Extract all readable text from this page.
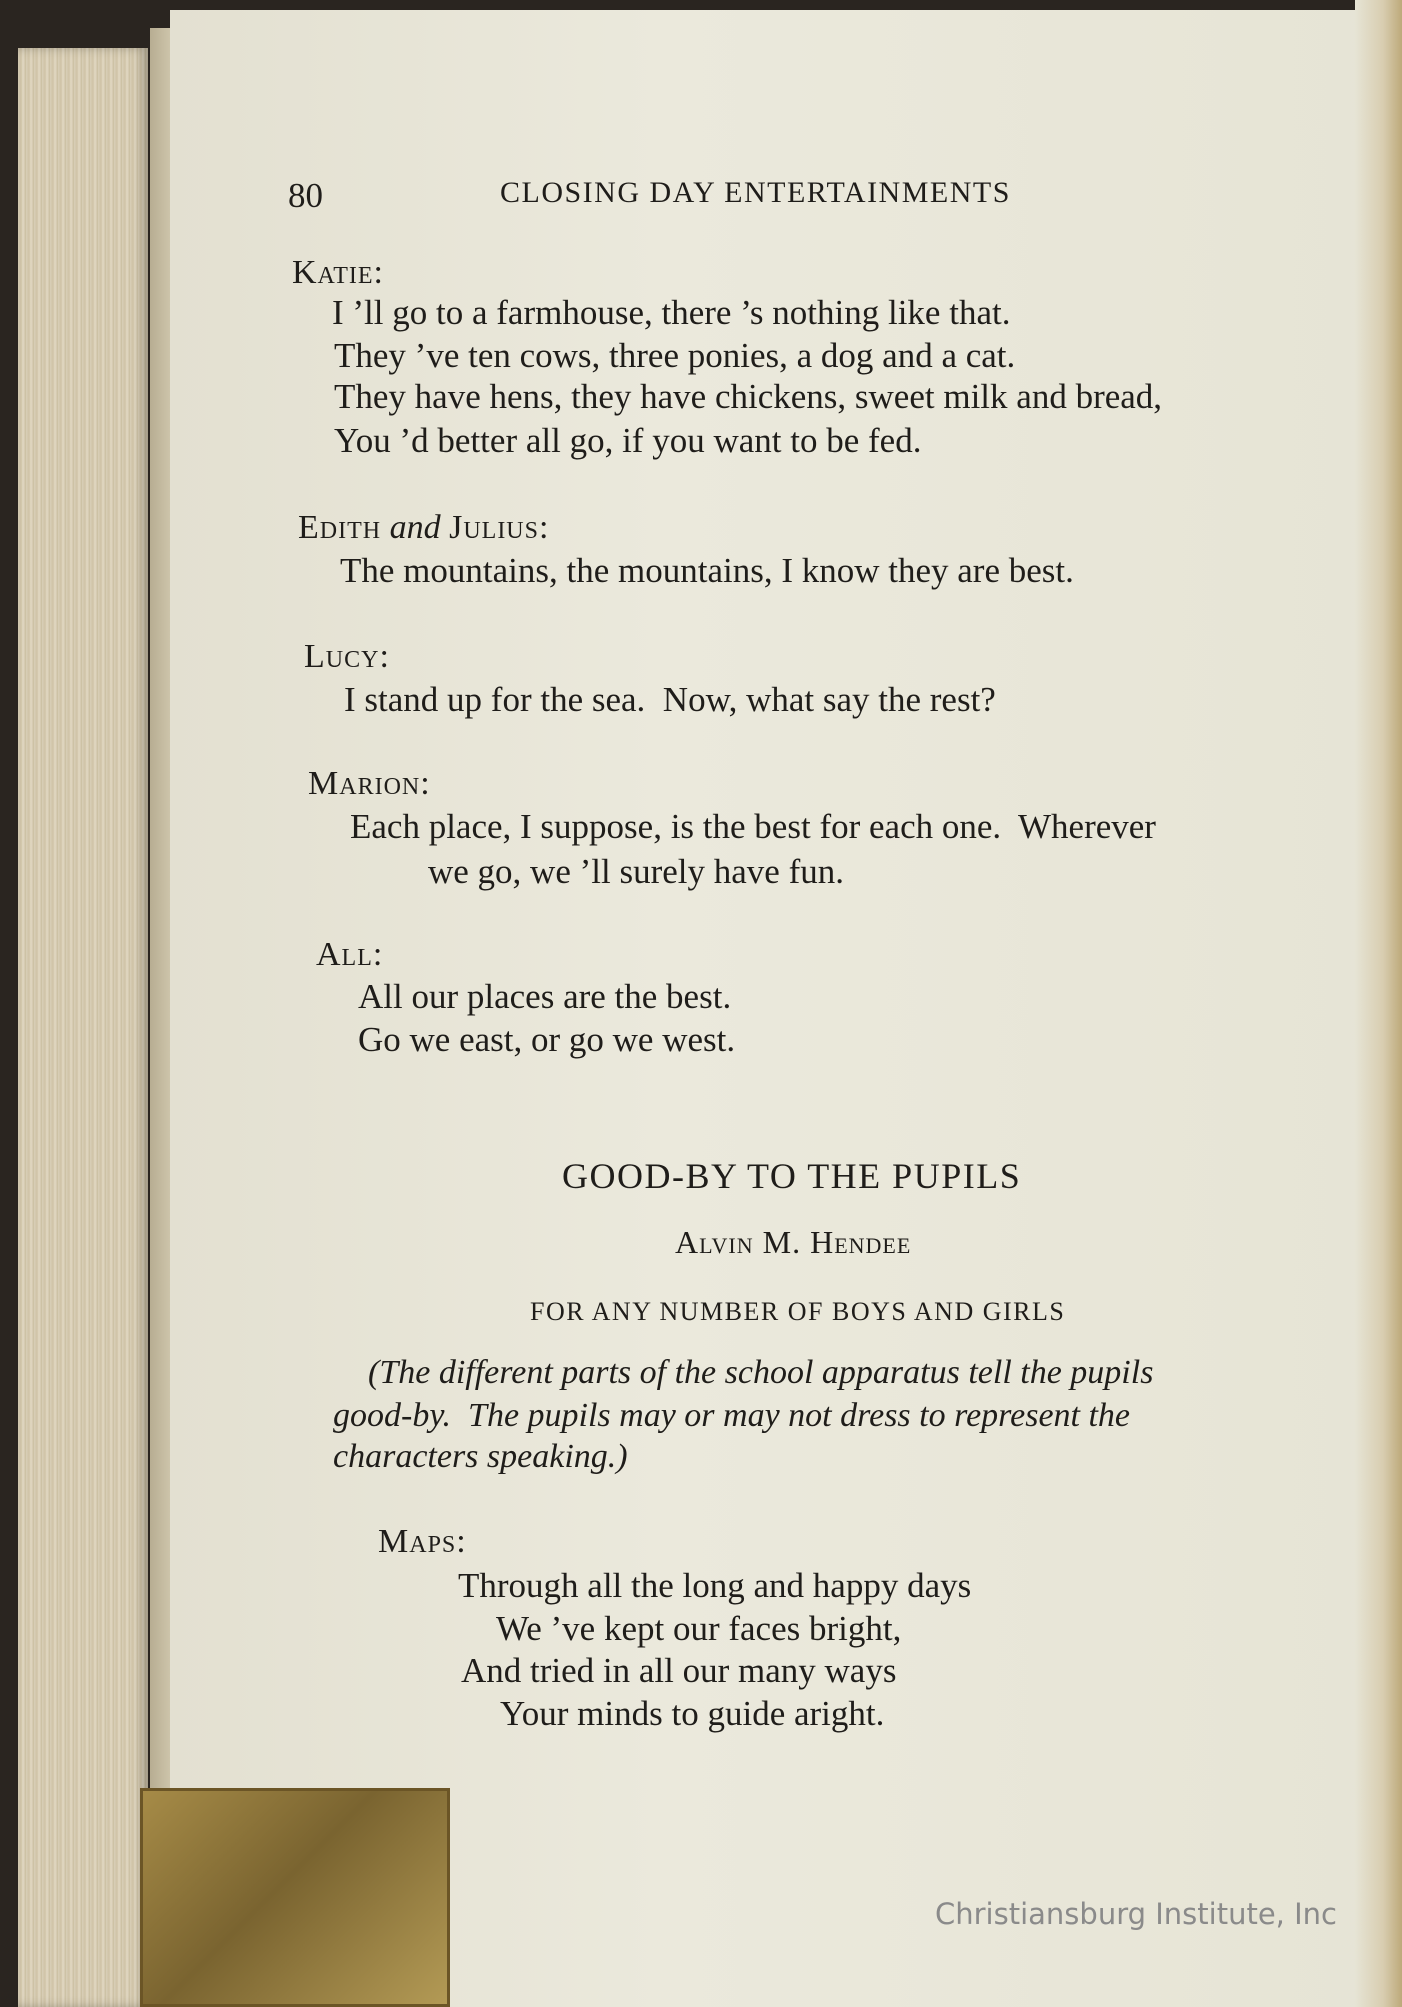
80	CLOSING DAY ENTERTAINMENTS
Katie:
I ’ll go to a farmhouse, there ’s nothing like that.
They ’ve ten cows, three ponies, a dog and a cat.
They have hens, they have chickens, sweet milk and bread,
You ’d better all go, if you want to be fed.
Edith and Julius:
The mountains, the mountains, I know they are best.
Lucy:
I stand up for the sea.  Now, what say the rest?
Marion:
Each place, I suppose, is the best for each one.  Wherever
we go, we ’ll surely have fun.
All:
All our places are the best.
Go we east, or go we west.
GOOD-BY TO THE PUPILS
Alvin M. Hendee
FOR ANY NUMBER OF BOYS AND GIRLS
(The different parts of the school apparatus tell the pupils
good-by.  The pupils may or may not dress to represent the
characters speaking.)
Maps:
Through all the long and happy days
We ’ve kept our faces bright,
And tried in all our many ways
Your minds to guide aright.
Christiansburg Institute, Inc
